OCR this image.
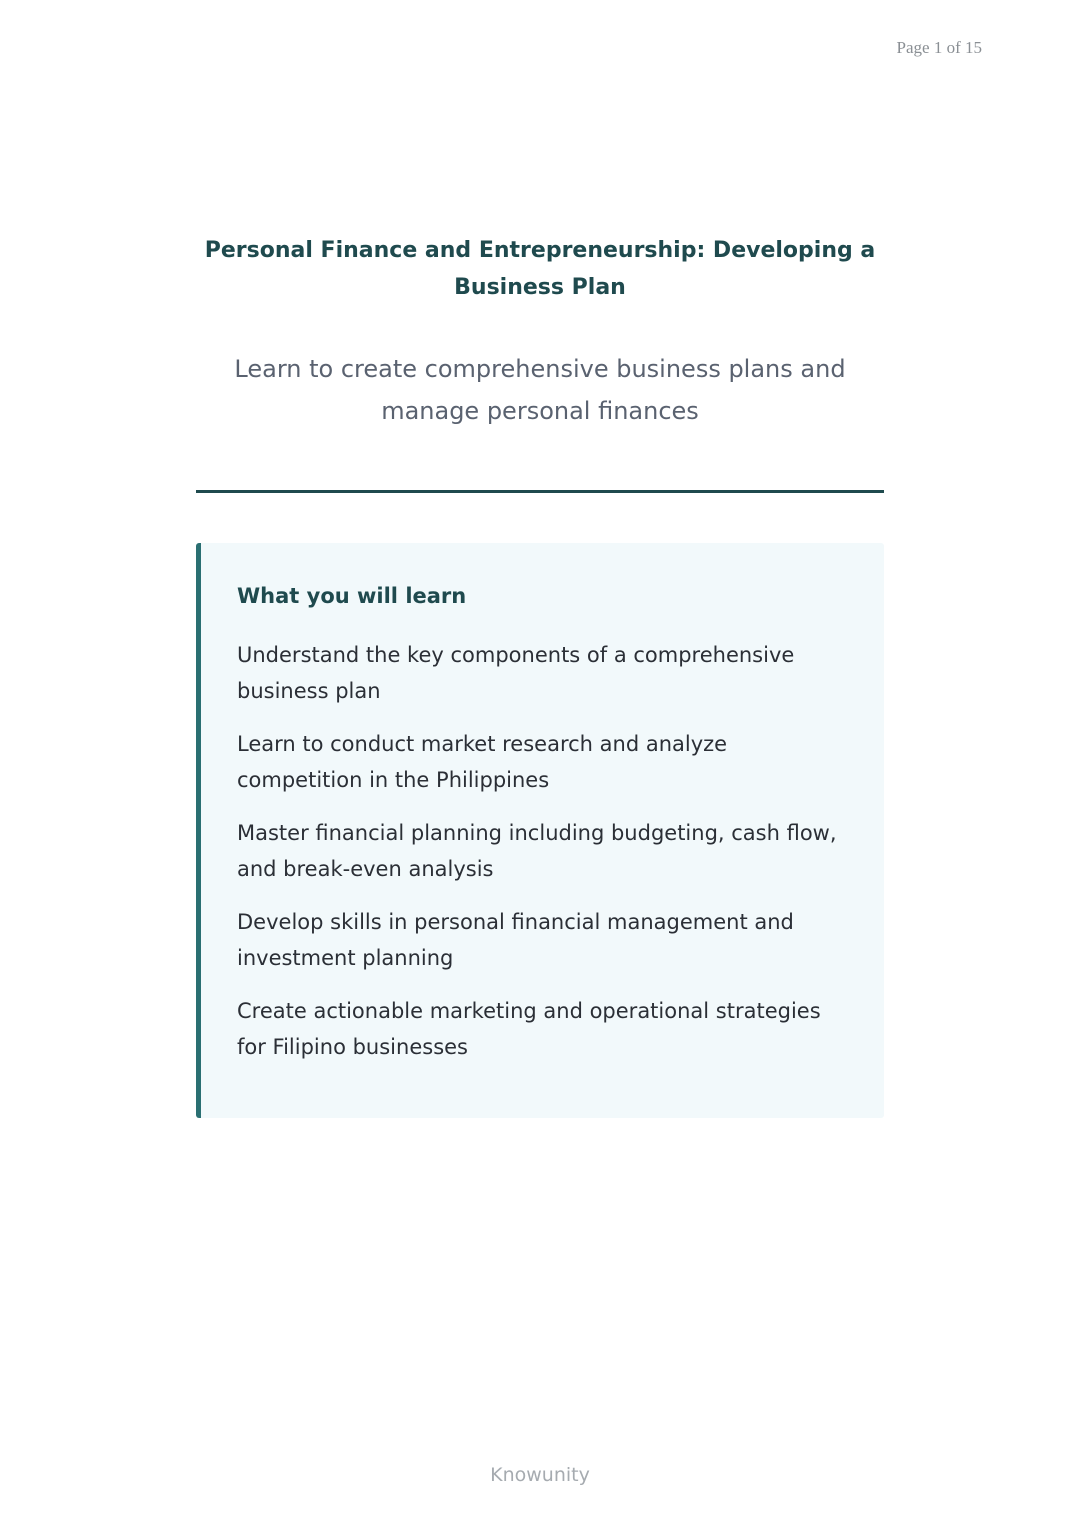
Page 1 of 15
Personal Finance and Entrepreneurship: Developing a Business Plan
Learn to create comprehensive business plans and manage personal finances
What you will learn
Understand the key components of a comprehensive business plan
Learn to conduct market research and analyze competition in the Philippines
Master financial planning including budgeting, cash flow, and break-even analysis
Develop skills in personal financial management and investment planning
Create actionable marketing and operational strategies for Filipino businesses
Knowunity
